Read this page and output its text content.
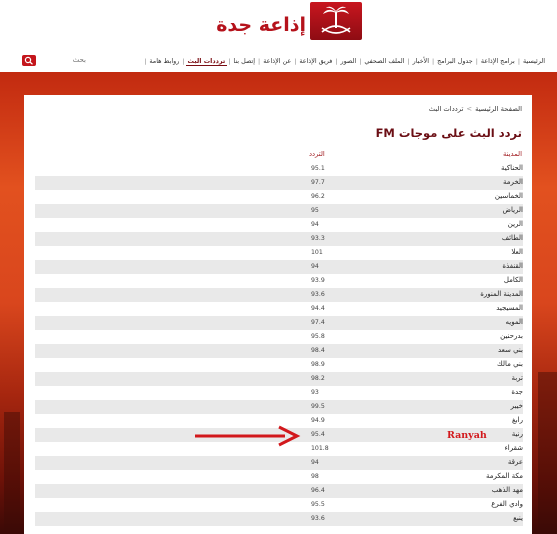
إذاعة جدة
بحث
الرئيسية
|
برامج الإذاعة
|
جدول البرامج
|
الأخبار
|
الملف الصحفي
|
الصور
|
فريق الإذاعة
|
عن الإذاعة
|
إتصل بنا
|
ترددات البث
|
روابط هامة
|
الصفحة الرئيسية>ترددات البث
تردد البث على موجات FM
المدينة
التردد
الحناكية
95.1
الخرمة
97.7
الخماسين
96.2
الرياض
95
الرين
94
الطائف
93.3
العلا
101
القنفذة
94
الكامل
93.9
المدينة المنورة
93.6
المسيجيد
94.4
المويه
97.4
بدرحنين
95.8
بني سعد
98.4
بني مالك
98.9
تربة
98.2
جدة
93
خيبر
99.5
رابغ
94.9
رنية
95.4
شقراء
101.8
عرقة
94
مكة المكرمة
98
مهد الذهب
96.4
وادي الفرع
95.5
ينبع
93.6
Ranyah
